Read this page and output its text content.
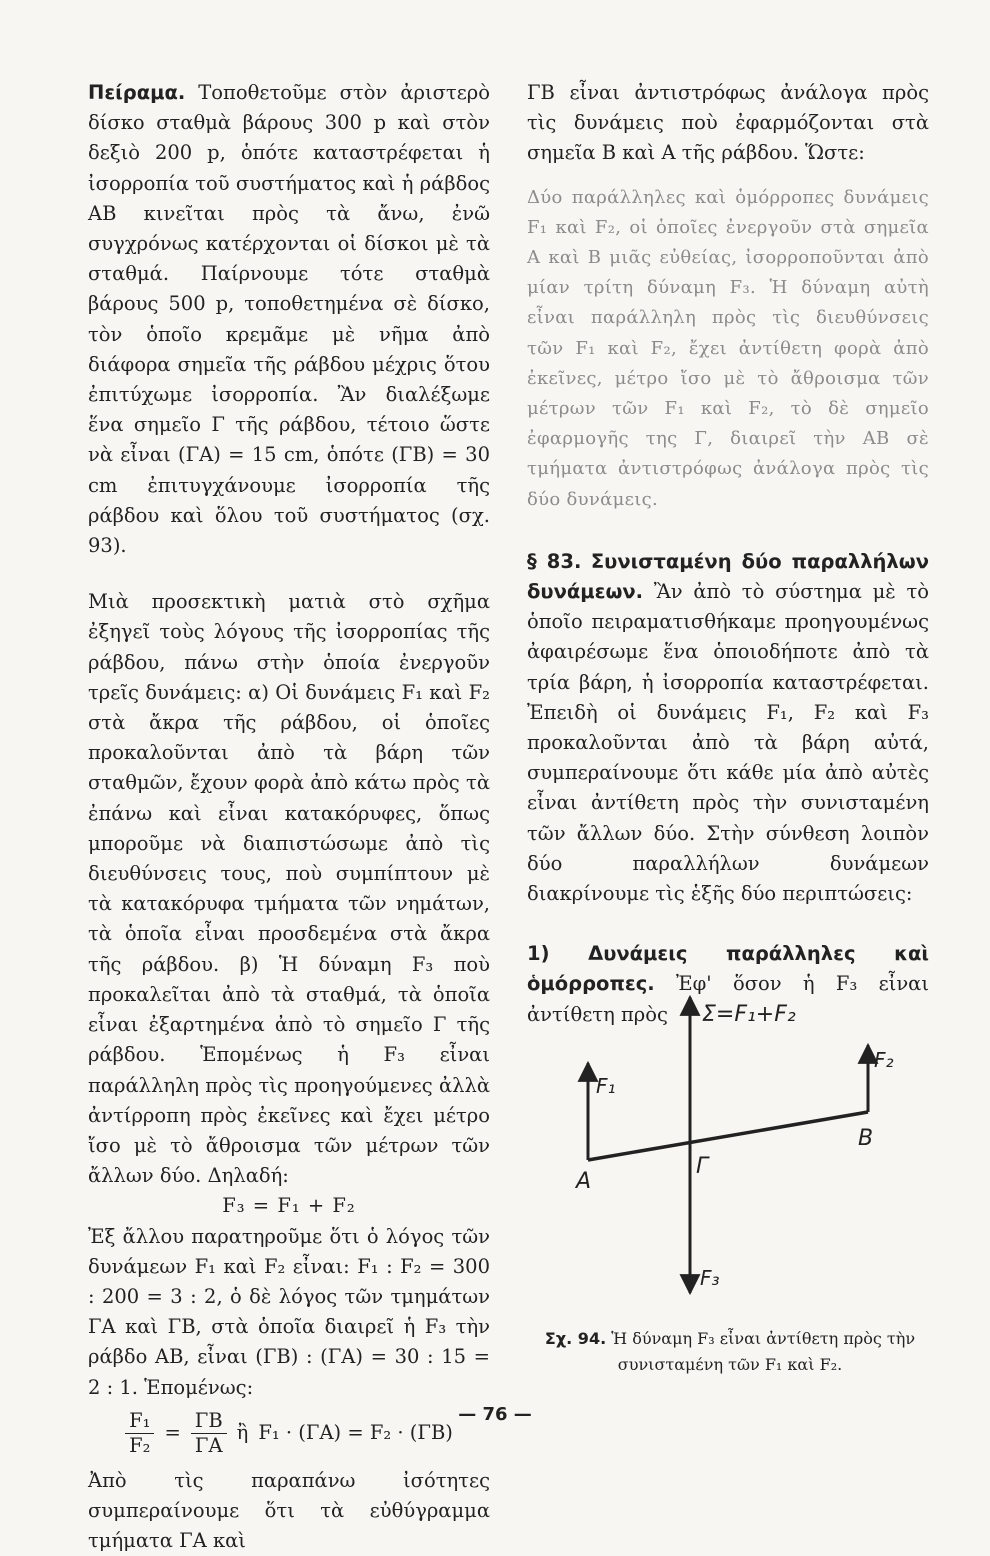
Πείραμα. Τοποθετοῦμε στὸν ἀριστερὸ δίσκο σταθμὰ βάρους 300 p καὶ στὸν δεξιὸ 200 p, ὁπότε καταστρέφεται ἡ ἰσορροπία τοῦ συστήματος καὶ ἡ ράβδος ΑΒ κινεῖται πρὸς τὰ ἄνω, ἐνῶ συγχρόνως κατέρχονται οἱ δίσκοι μὲ τὰ σταθμά. Παίρνουμε τότε σταθμὰ βάρους 500 p, τοποθετημένα σὲ δίσκο, τὸν ὁποῖο κρεμᾶμε μὲ νῆμα ἀπὸ διάφορα σημεῖα τῆς ράβδου μέχρις ὅτου ἐπιτύχωμε ἰσορροπία. Ἂν διαλέξωμε ἕνα σημεῖο Γ τῆς ράβδου, τέτοιο ὥστε νὰ εἶναι (ΓΑ) = 15 cm, ὁπότε (ΓΒ) = 30 cm ἐπιτυγχάνουμε ἰσορροπία τῆς ράβδου καὶ ὅλου τοῦ συστήματος (σχ. 93).

Μιὰ προσεκτικὴ ματιὰ στὸ σχῆμα ἐξηγεῖ τοὺς λόγους τῆς ἰσορροπίας τῆς ράβδου, πάνω στὴν ὁποία ἐνεργοῦν τρεῖς δυνάμεις: α) Οἱ δυνάμεις F₁ καὶ F₂ στὰ ἄκρα τῆς ράβδου, οἱ ὁποῖες προκαλοῦνται ἀπὸ τὰ βάρη τῶν σταθμῶν, ἔχουν φορὰ ἀπὸ κάτω πρὸς τὰ ἐπάνω καὶ εἶναι κατακόρυφες, ὅπως μποροῦμε νὰ διαπιστώσωμε ἀπὸ τὶς διευθύνσεις τους, ποὺ συμπίπτουν μὲ τὰ κατακόρυφα τμήματα τῶν νημάτων, τὰ ὁποῖα εἶναι προσδεμένα στὰ ἄκρα τῆς ράβδου. β) Ἡ δύναμη F₃ ποὺ προκαλεῖται ἀπὸ τὰ σταθμά, τὰ ὁποῖα εἶναι ἐξαρτημένα ἀπὸ τὸ σημεῖο Γ τῆς ράβδου. Ἑπομένως ἡ F₃ εἶναι παράλληλη πρὸς τὶς προηγούμενες ἀλλὰ ἀντίρροπη πρὸς ἐκεῖνες καὶ ἔχει μέτρο ἴσο μὲ τὸ ἄθροισμα τῶν μέτρων τῶν ἄλλων δύο. Δηλαδή:

F₃ = F₁ + F₂

Ἐξ ἄλλου παρατηροῦμε ὅτι ὁ λόγος τῶν δυνάμεων F₁ καὶ F₂ εἶναι: F₁ : F₂ = 300 : 200 = 3 : 2, ὁ δὲ λόγος τῶν τμημάτων ΓΑ καὶ ΓΒ, στὰ ὁποῖα διαιρεῖ ἡ F₃ τὴν ράβδο ΑΒ, εἶναι (ΓΒ) : (ΓΑ) = 30 : 15 = 2 : 1. Ἑπομένως:

$\frac{\text{F₁}}{\text{F₂}} = \frac{\Gamma B}{\Gamma A}$ ἢ F₁ · (ΓΑ) = F₂ · (ΓΒ)

Ἀπὸ τὶς παραπάνω ἰσότητες συμπεραίνουμε ὅτι τὰ εὐθύγραμμα τμήματα ΓΑ καὶ

ΓΒ εἶναι ἀντιστρόφως ἀνάλογα πρὸς τὶς δυνάμεις ποὺ ἐφαρμόζονται στὰ σημεῖα Β καὶ Α τῆς ράβδου. Ὥστε:

Δύο παράλληλες καὶ ὁμόρροπες δυνάμεις F₁ καὶ F₂, οἱ ὁποῖες ἐνεργοῦν στὰ σημεῖα Α καὶ Β μιᾶς εὐθείας, ἰσορροποῦνται ἀπὸ μίαν τρίτη δύναμη F₃. Ἡ δύναμη αὐτὴ εἶναι παράλληλη πρὸς τὶς διευθύνσεις τῶν F₁ καὶ F₂, ἔχει ἀντίθετη φορὰ ἀπὸ ἐκεῖνες, μέτρο ἴσο μὲ τὸ ἄθροισμα τῶν μέτρων τῶν F₁ καὶ F₂, τὸ δὲ σημεῖο ἐφαρμογῆς της Γ, διαιρεῖ τὴν ΑΒ σὲ τμήματα ἀντιστρόφως ἀνάλογα πρὸς τὶς δύο δυνάμεις.

§ 83. Συνισταμένη δύο παραλλήλων δυνάμεων. Ἂν ἀπὸ τὸ σύστημα μὲ τὸ ὁποῖο πειραματισθήκαμε προηγουμένως ἀφαιρέσωμε ἕνα ὁποιοδήποτε ἀπὸ τὰ τρία βάρη, ἡ ἰσορροπία καταστρέφεται. Ἐπειδὴ οἱ δυνάμεις F₁, F₂ καὶ F₃ προκαλοῦνται ἀπὸ τὰ βάρη αὐτά, συμπεραίνουμε ὅτι κάθε μία ἀπὸ αὐτὲς εἶναι ἀντίθετη πρὸς τὴν συνισταμένη τῶν ἄλλων δύο. Στὴν σύνθεση λοιπὸν δύο παραλλήλων δυνάμεων διακρίνουμε τὶς ἑξῆς δύο περιπτώσεις:

1) Δυνάμεις παράλληλες καὶ ὁμόρροπες. Ἐφ' ὅσον ἡ F₃ εἶναι ἀντίθετη πρὸς	Σ=F₁+F₂
F₁
F₂
F₃
A
B
Γ
Σχ. 94. Ἡ δύναμη F₃ εἶναι ἀντίθετη πρὸς τὴν συνισταμένη τῶν F₁ καὶ F₂.
— 76 —
